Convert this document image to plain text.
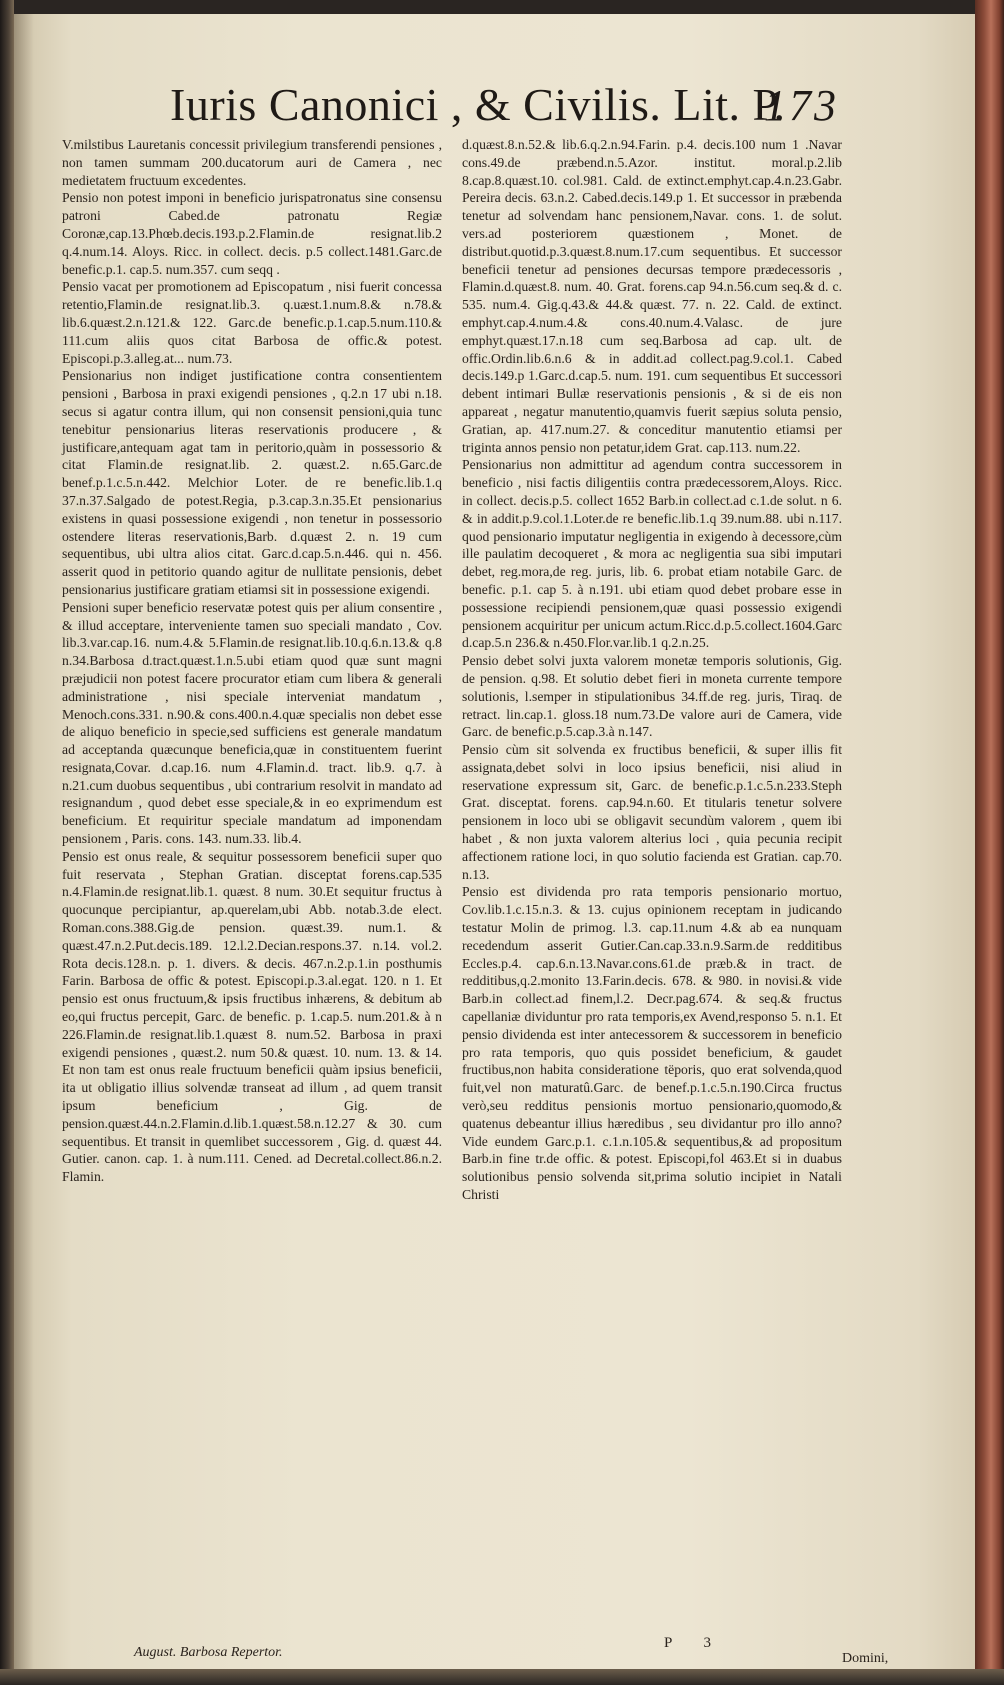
Iuris Canonici , & Civilis. Lit. P.
173

V.milstibus Lauretanis concessit privilegium transferendi pensiones , non tamen summam 200.ducatorum auri de Camera , nec medietatem fructuum excedentes.

Pensio non potest imponi in beneficio jurispatronatus sine consensu patroni Cabed.de patronatu Regiæ Coronæ,cap.13.Phœb.decis.193.p.2.Flamin.de resignat.lib.2 q.4.num.14. Aloys. Ricc. in collect. decis. p.5 collect.1481.Garc.de benefic.p.1. cap.5. num.357. cum seqq .

Pensio vacat per promotionem ad Episcopatum , nisi fuerit concessa retentio,Flamin.de resignat.lib.3. q.uæst.1.num.8.& n.78.& lib.6.quæst.2.n.121.& 122. Garc.de benefic.p.1.cap.5.num.110.& 111.cum aliis quos citat Barbosa de offic.& potest. Episcopi.p.3.alleg.at... num.73.

Pensionarius non indiget justificatione contra consentientem pensioni , Barbosa in praxi exigendi pensiones , q.2.n 17 ubi n.18. secus si agatur contra illum, qui non consensit pensioni,quia tunc tenebitur pensionarius literas reservationis producere , & justificare,antequam agat tam in peritorio,quàm in possessorio & citat Flamin.de resignat.lib. 2. quæst.2. n.65.Garc.de benef.p.1.c.5.n.442. Melchior Loter. de re benefic.lib.1.q 37.n.37.Salgado de potest.Regia, p.3.cap.3.n.35.Et pensionarius existens in quasi possessione exigendi , non tenetur in possessorio ostendere literas reservationis,Barb. d.quæst 2. n. 19 cum sequentibus, ubi ultra alios citat. Garc.d.cap.5.n.446. qui n. 456. asserit quod in petitorio quando agitur de nullitate pensionis, debet pensionarius justificare gratiam etiamsi sit in possessione exigendi.

Pensioni super beneficio reservatæ potest quis per alium consentire , & illud acceptare, interveniente tamen suo speciali mandato , Cov. lib.3.var.cap.16. num.4.& 5.Flamin.de resignat.lib.10.q.6.n.13.& q.8 n.34.Barbosa d.tract.quæst.1.n.5.ubi etiam quod quæ sunt magni præjudicii non potest facere procurator etiam cum libera & generali administratione , nisi speciale interveniat mandatum , Menoch.cons.331. n.90.& cons.400.n.4.quæ specialis non debet esse de aliquo beneficio in specie,sed sufficiens est generale mandatum ad acceptanda quæcunque beneficia,quæ in constituentem fuerint resignata,Covar. d.cap.16. num 4.Flamin.d. tract. lib.9. q.7. à n.21.cum duobus sequentibus , ubi contrarium resolvit in mandato ad resignandum , quod debet esse speciale,& in eo exprimendum est beneficium. Et requiritur speciale mandatum ad imponendam pensionem , Paris. cons. 143. num.33. lib.4.

Pensio est onus reale, & sequitur possessorem beneficii super quo fuit reservata , Stephan Gratian. disceptat forens.cap.535 n.4.Flamin.de resignat.lib.1. quæst. 8 num. 30.Et sequitur fructus à quocunque percipiantur, ap.querelam,ubi Abb. notab.3.de elect. Roman.cons.388.Gig.de pension. quæst.39. num.1. & quæst.47.n.2.Put.decis.189. 12.l.2.Decian.respons.37. n.14. vol.2. Rota decis.128.n. p. 1. divers. & decis. 467.n.2.p.1.in posthumis Farin. Barbosa de offic & potest. Episcopi.p.3.al.egat. 120. n 1. Et pensio est onus fructuum,& ipsis fructibus inhærens, & debitum ab eo,qui fructus percepit, Garc. de benefic. p. 1.cap.5. num.201.& à n 226.Flamin.de resignat.lib.1.quæst 8. num.52. Barbosa in praxi exigendi pensiones , quæst.2. num 50.& quæst. 10. num. 13. & 14. Et non tam est onus reale fructuum beneficii quàm ipsius beneficii, ita ut obligatio illius solvendæ transeat ad illum , ad quem transit ipsum beneficium , Gig. de pension.quæst.44.n.2.Flamin.d.lib.1.quæst.58.n.12.27 & 30. cum sequentibus. Et transit in quemlibet successorem , Gig. d. quæst 44. Gutier. canon. cap. 1. à num.111. Cened. ad Decretal.collect.86.n.2. Flamin.

d.quæst.8.n.52.& lib.6.q.2.n.94.Farin. p.4. decis.100 num 1 .Navar cons.49.de præbend.n.5.Azor. institut. moral.p.2.lib 8.cap.8.quæst.10. col.981. Cald. de extinct.emphyt.cap.4.n.23.Gabr. Pereira decis. 63.n.2. Cabed.decis.149.p 1. Et successor in præbenda tenetur ad solvendam hanc pensionem,Navar. cons. 1. de solut. vers.ad posteriorem quæstionem , Monet. de distribut.quotid.p.3.quæst.8.num.17.cum sequentibus. Et successor beneficii tenetur ad pensiones decursas tempore prædecessoris , Flamin.d.quæst.8. num. 40. Grat. forens.cap 94.n.56.cum seq.& d. c. 535. num.4. Gig.q.43.& 44.& quæst. 77. n. 22. Cald. de extinct. emphyt.cap.4.num.4.& cons.40.num.4.Valasc. de jure emphyt.quæst.17.n.18 cum seq.Barbosa ad cap. ult. de offic.Ordin.lib.6.n.6 & in addit.ad collect.pag.9.col.1. Cabed decis.149.p 1.Garc.d.cap.5. num. 191. cum sequentibus Et successori debent intimari Bullæ reservationis pensionis , & si de eis non appareat , negatur manutentio,quamvis fuerit sæpius soluta pensio, Gratian, ap. 417.num.27. & conceditur manutentio etiamsi per triginta annos pensio non petatur,idem Grat. cap.113. num.22.

Pensionarius non admittitur ad agendum contra successorem in beneficio , nisi factis diligentiis contra prædecessorem,Aloys. Ricc. in collect. decis.p.5. collect 1652 Barb.in collect.ad c.1.de solut. n 6. & in addit.p.9.col.1.Loter.de re benefic.lib.1.q 39.num.88. ubi n.117. quod pensionario imputatur negligentia in exigendo à decessore,cùm ille paulatim decoqueret , & mora ac negligentia sua sibi imputari debet, reg.mora,de reg. juris, lib. 6. probat etiam notabile Garc. de benefic. p.1. cap 5. à n.191. ubi etiam quod debet probare esse in possessione recipiendi pensionem,quæ quasi possessio exigendi pensionem acquiritur per unicum actum.Ricc.d.p.5.collect.1604.Garc d.cap.5.n 236.& n.450.Flor.var.lib.1 q.2.n.25.

Pensio debet solvi juxta valorem monetæ temporis solutionis, Gig. de pension. q.98. Et solutio debet fieri in moneta currente tempore solutionis, l.semper in stipulationibus 34.ff.de reg. juris, Tiraq. de retract. lin.cap.1. gloss.18 num.73.De valore auri de Camera, vide Garc. de benefic.p.5.cap.3.à n.147.

Pensio cùm sit solvenda ex fructibus beneficii, & super illis fit assignata,debet solvi in loco ipsius beneficii, nisi aliud in reservatione expressum sit, Garc. de benefic.p.1.c.5.n.233.Steph Grat. disceptat. forens. cap.94.n.60. Et titularis tenetur solvere pensionem in loco ubi se obligavit secundùm valorem , quem ibi habet , & non juxta valorem alterius loci , quia pecunia recipit affectionem ratione loci, in quo solutio facienda est Gratian. cap.70. n.13.

Pensio est dividenda pro rata temporis pensionario mortuo, Cov.lib.1.c.15.n.3. & 13. cujus opinionem receptam in judicando testatur Molin de primog. l.3. cap.11.num 4.& ab ea nunquam recedendum asserit Gutier.Can.cap.33.n.9.Sarm.de redditibus Eccles.p.4. cap.6.n.13.Navar.cons.61.de præb.& in tract. de redditibus,q.2.monito 13.Farin.decis. 678. & 980. in novisi.& vide Barb.in collect.ad finem,l.2. Decr.pag.674. & seq.& fructus capellaniæ dividuntur pro rata temporis,ex Avend,responso 5. n.1. Et pensio dividenda est inter antecessorem & successorem in beneficio pro rata temporis, quo quis possidet beneficium, & gaudet fructibus,non habita consideratione tëporis, quo erat solvenda,quod fuit,vel non maturatû.Garc. de benef.p.1.c.5.n.190.Circa fructus verò,seu redditus pensionis mortuo pensionario,quomodo,& quatenus debeantur illius hæredibus , seu dividantur pro illo anno?Vide eundem Garc.p.1. c.1.n.105.& sequentibus,& ad propositum Barb.in fine tr.de offic. & potest. Episcopi,fol 463.Et si in duabus solutionibus pensio solvenda sit,prima solutio incipiet in Natali Christi

August. Barbosa Repertor.
P 3
Domini,
